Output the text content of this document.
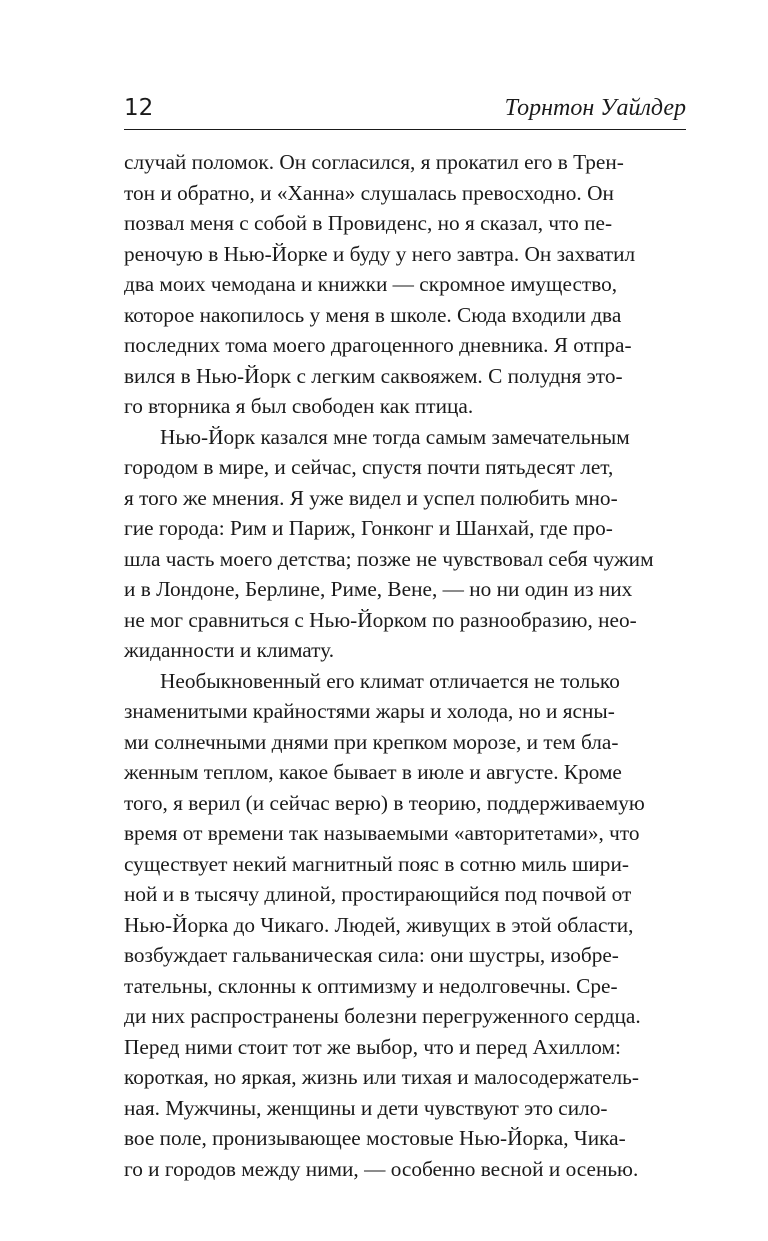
12	Торнтон Уайлдер
случай поломок. Он согласился, я прокатил его в Трен-
тон и обратно, и «Ханна» слушалась превосходно. Он
позвал меня с собой в Провиденс, но я сказал, что пе-
реночую в Нью-Йорке и буду у него завтра. Он захватил
два моих чемодана и книжки — скромное имущество,
которое накопилось у меня в школе. Сюда входили два
последних тома моего драгоценного дневника. Я отпра-
вился в Нью-Йорк с легким саквояжем. С полудня это-
го вторника я был свободен как птица.
Нью-Йорк казался мне тогда самым замечательным
городом в мире, и сейчас, спустя почти пятьдесят лет,
я того же мнения. Я уже видел и успел полюбить мно-
гие города: Рим и Париж, Гонконг и Шанхай, где про-
шла часть моего детства; позже не чувствовал себя чужим
и в Лондоне, Берлине, Риме, Вене, — но ни один из них
не мог сравниться с Нью-Йорком по разнообразию, нео-
жиданности и климату.
Необыкновенный его климат отличается не только
знаменитыми крайностями жары и холода, но и ясны-
ми солнечными днями при крепком морозе, и тем бла-
женным теплом, какое бывает в июле и августе. Кроме
того, я верил (и сейчас верю) в теорию, поддерживаемую
время от времени так называемыми «авторитетами», что
существует некий магнитный пояс в сотню миль шири-
ной и в тысячу длиной, простирающийся под почвой от
Нью-Йорка до Чикаго. Людей, живущих в этой области,
возбуждает гальваническая сила: они шустры, изобре-
тательны, склонны к оптимизму и недолговечны. Сре-
ди них распространены болезни перегруженного сердца.
Перед ними стоит тот же выбор, что и перед Ахиллом:
короткая, но яркая, жизнь или тихая и малосодержатель-
ная. Мужчины, женщины и дети чувствуют это сило-
вое поле, пронизывающее мостовые Нью-Йорка, Чика-
го и городов между ними, — особенно весной и осенью.
